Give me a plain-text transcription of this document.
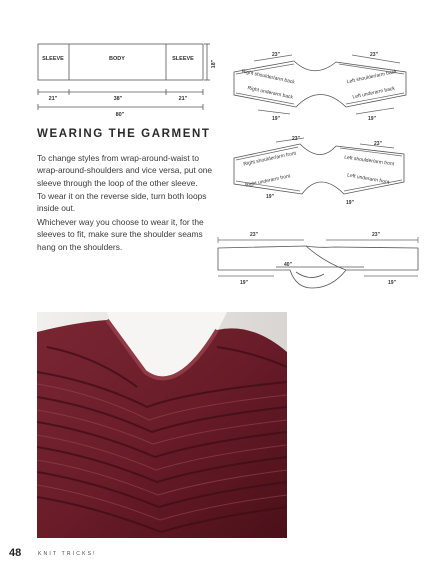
SLEEVE	BODY	SLEEVE
18"
21"	38"	21"
80"
23"	23"
Right shoulder/arm back	Left shoulder/arm back
Right underarm back	Left underarm back
19"	19"
23"
23"
Right shoulder/arm front	Left shoulder/arm front
Right underarm front	Left underarm front
19"
19"
23"	23"
40"
19"	19"
WEARING THE GARMENT
To change styles from wrap-around-waist to wrap-around-shoulders and vice versa, put one sleeve through the loop of the other sleeve.
To wear it on the reverse side, turn both loops inside out.
Whichever way you choose to wear it, for the sleeves to fit, make sure the shoulder seams hang on the shoulders.
48	KNIT TRICKS!
